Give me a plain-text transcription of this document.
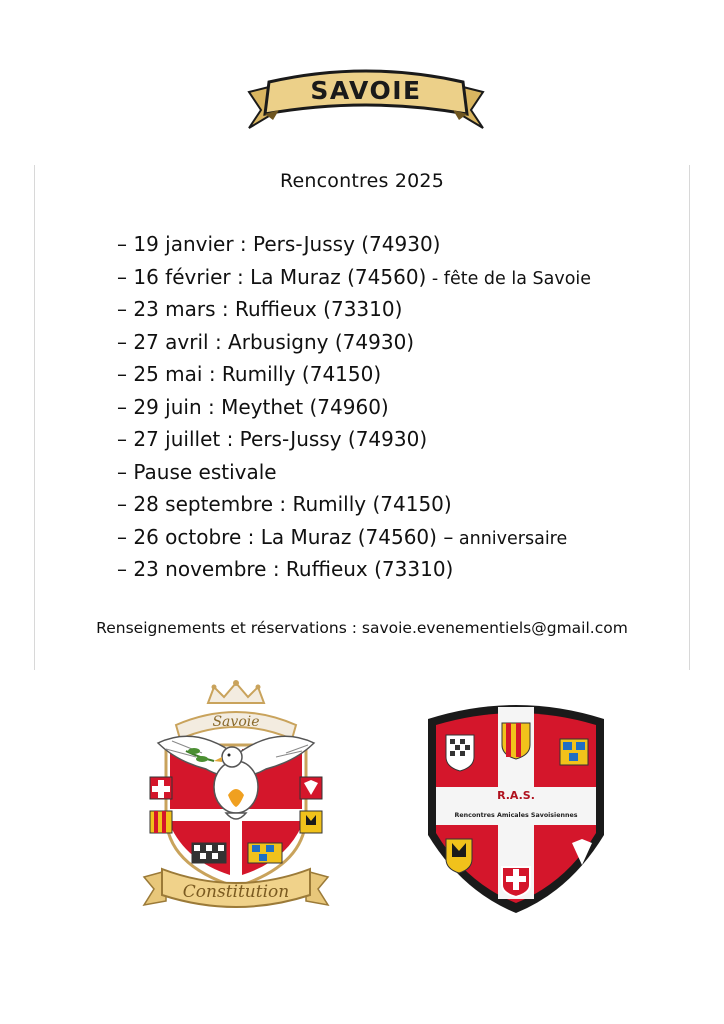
SAVOIE
Rencontres 2025
– 19 janvier : Pers-Jussy (74930)
– 16 février : La Muraz (74560) - fête de la Savoie
– 23 mars : Ruffieux (73310)
– 27 avril : Arbusigny (74930)
– 25 mai : Rumilly (74150)
– 29 juin : Meythet (74960)
– 27 juillet : Pers-Jussy (74930)
– Pause estivale
– 28 septembre : Rumilly (74150)
– 26 octobre : La Muraz (74560) – anniversaire
– 23 novembre : Ruffieux (73310)
Renseignements et réservations : savoie.evenementiels@gmail.com
Savoie
Constitution
R.A.S.
Rencontres Amicales Savoisiennes
